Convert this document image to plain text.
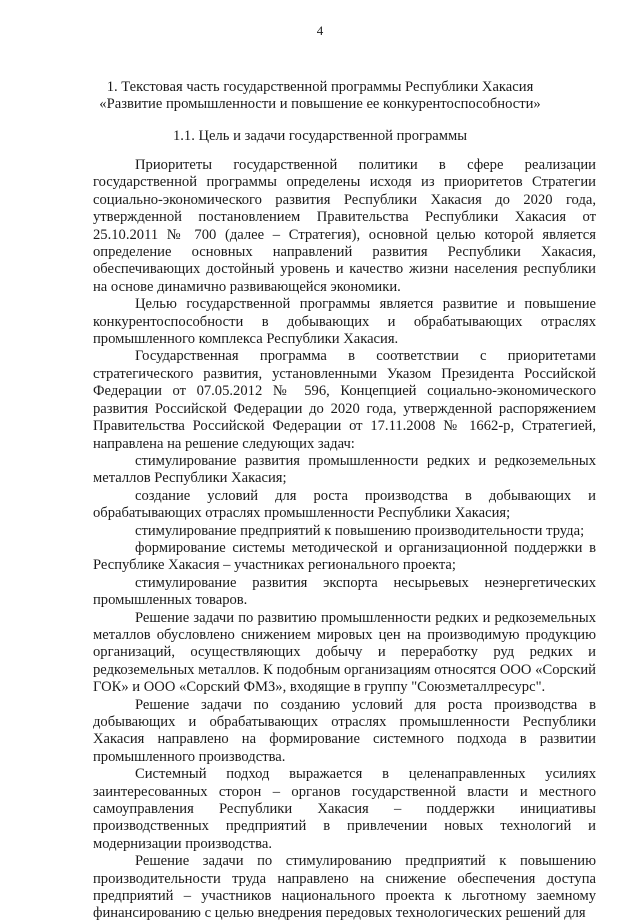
4
1. Текстовая часть государственной программы Республики Хакасия
«Развитие промышленности и повышение ее конкурентоспособности»
1.1. Цель и задачи государственной программы

Приоритеты государственной политики в сфере реализации государственной программы определены исходя из приоритетов Стратегии социально-экономического развития Республики Хакасия до 2020 года, утвержденной постановлением Правительства Республики Хакасия от 25.10.2011 № 700 (далее – Стратегия), основной целью которой является определение основных направлений развития Республики Хакасия, обеспечивающих достойный уровень и качество жизни населения республики на основе динамично развивающейся экономики.

Целью государственной программы является развитие и повышение конкурентоспособности в добывающих и обрабатывающих отраслях промышленного комплекса Республики Хакасия.

Государственная программа в соответствии с приоритетами стратегического развития, установленными Указом Президента Российской Федерации от 07.05.2012 № 596, Концепцией социально-экономического развития Российской Федерации до 2020 года, утвержденной распоряжением Правительства Российской Федерации от 17.11.2008 № 1662-р, Стратегией, направлена на решение следующих задач:

стимулирование развития промышленности редких и редкоземельных металлов Республики Хакасия;

создание условий для роста производства в добывающих и обрабатывающих отраслях промышленности Республики Хакасия;

стимулирование предприятий к повышению производительности труда;

формирование системы методической и организационной поддержки в Республике Хакасия – участниках регионального проекта;

стимулирование развития экспорта несырьевых неэнергетических промышленных товаров.

Решение задачи по развитию промышленности редких и редкоземельных металлов обусловлено снижением мировых цен на производимую продукцию организаций, осуществляющих добычу и переработку руд редких и редкоземельных металлов. К подобным организациям относятся ООО «Сорский ГОК» и ООО «Сорский ФМЗ», входящие в группу "Союзметаллресурс".

Решение задачи по созданию условий для роста производства в добывающих и обрабатывающих отраслях промышленности Республики Хакасия направлено на формирование системного подхода в развитии промышленного производства.

Системный подход выражается в целенаправленных усилиях заинтересованных сторон – органов государственной власти и местного самоуправления Республики Хакасия – поддержки инициативы производственных предприятий в привлечении новых технологий и модернизации производства.

Решение задачи по стимулированию предприятий к повышению производительности труда направлено на снижение обеспечения доступа предприятий – участников национального проекта к льготному заемному финансированию с целью внедрения передовых технологических решений для
